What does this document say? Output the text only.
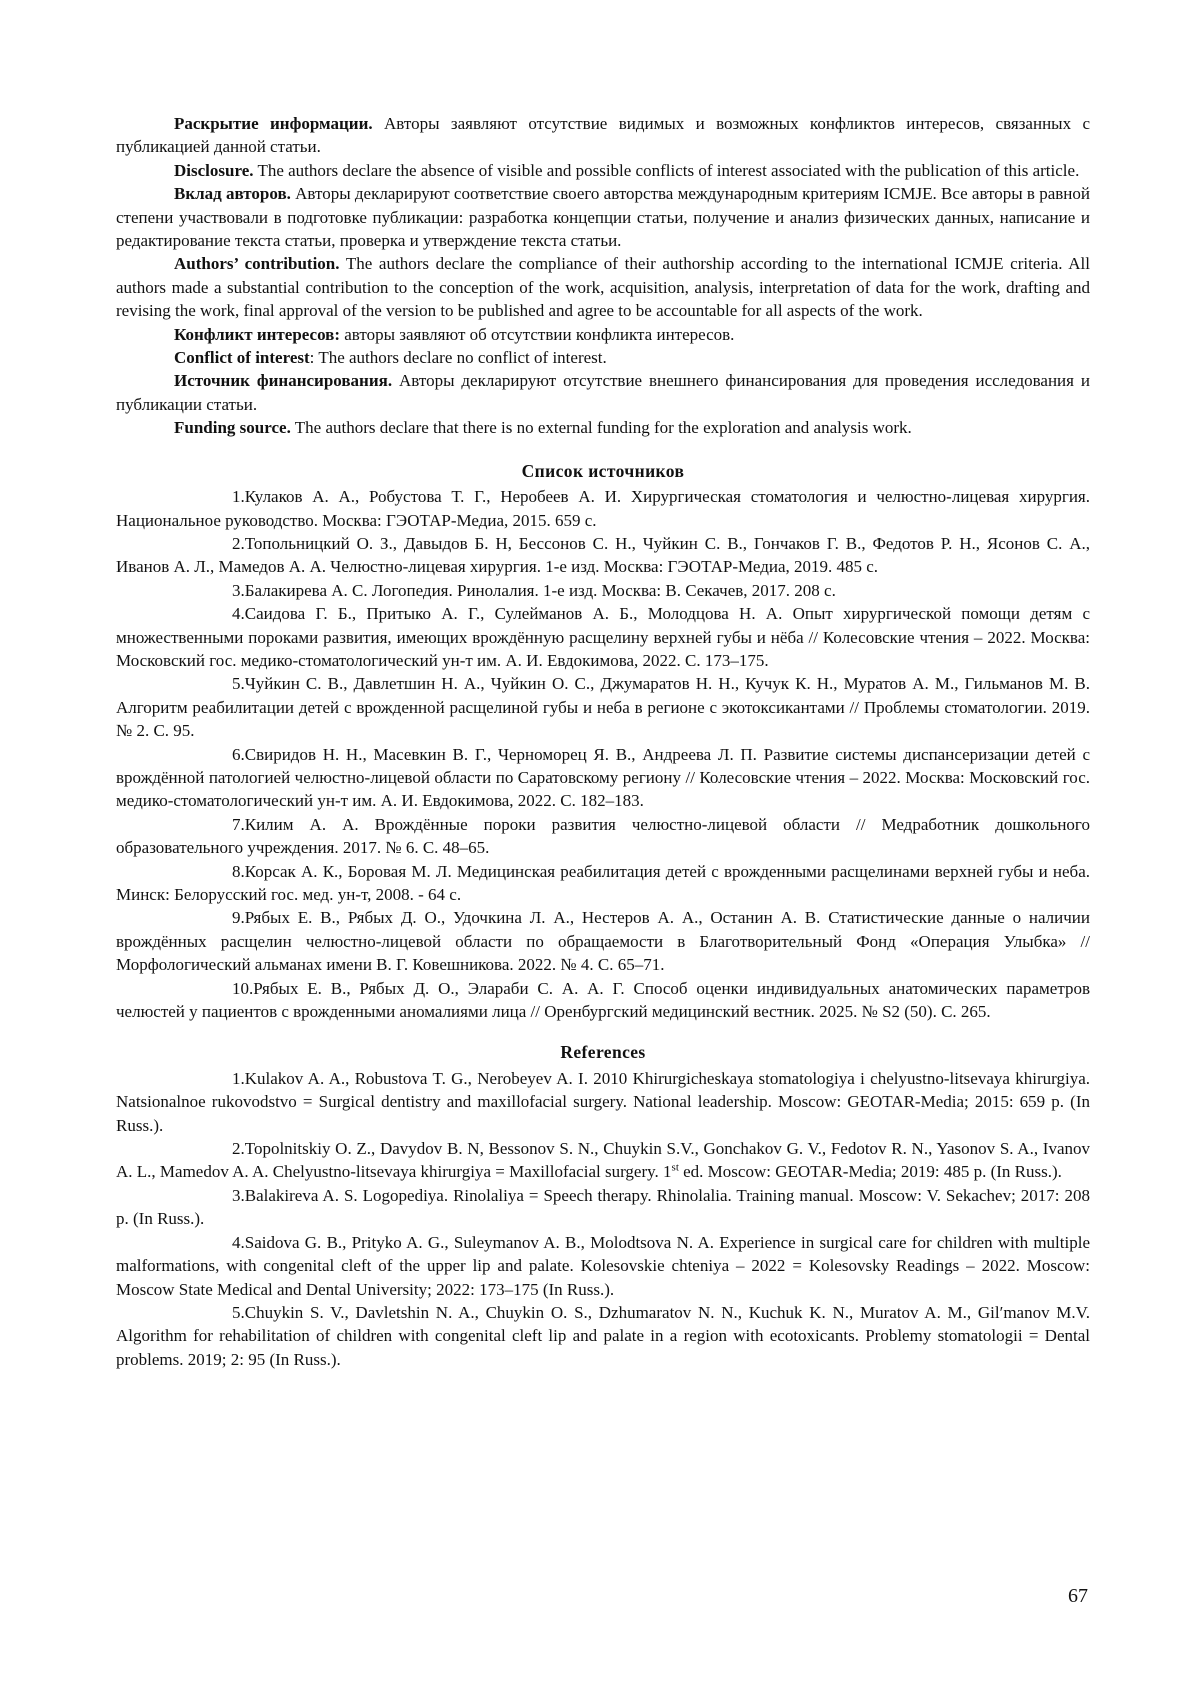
Раскрытие информации. Авторы заявляют отсутствие видимых и возможных конфликтов интересов, связанных с публикацией данной статьи.

Disclosure. The authors declare the absence of visible and possible conflicts of interest associated with the publication of this article.

Вклад авторов. Авторы декларируют соответствие своего авторства международным критериям ICMJE. Все авторы в равной степени участвовали в подготовке публикации: разработка концепции статьи, получение и анализ физических данных, написание и редактирование текста статьи, проверка и утверждение текста статьи.

Authors’ contribution. The authors declare the compliance of their authorship according to the international ICMJE criteria. All authors made a substantial contribution to the conception of the work, acquisition, analysis, interpretation of data for the work, drafting and revising the work, final approval of the version to be published and agree to be accountable for all aspects of the work.

Конфликт интересов: авторы заявляют об отсутствии конфликта интересов.

Conflict of interest: The authors declare no conflict of interest.

Источник финансирования. Авторы декларируют отсутствие внешнего финансирования для проведения исследования и публикации статьи.

Funding source. The authors declare that there is no external funding for the exploration and analysis work.

Список источников

1.Кулаков А. А., Робустова Т. Г., Неробеев А. И. Хирургическая стоматология и челюстно-лицевая хирургия. Национальное руководство. Москва: ГЭОТАР-Медиа, 2015. 659 с.

2.Топольницкий О. З., Давыдов Б. Н, Бессонов С. Н., Чуйкин С. В., Гончаков Г. В., Федотов Р. Н., Ясонов С. А., Иванов А. Л., Мамедов А. А. Челюстно-лицевая хирургия. 1-е изд. Москва: ГЭОТАР-Медиа, 2019. 485 с.

3.Балакирева А. С. Логопедия. Ринолалия. 1-е изд. Москва: В. Секачев, 2017. 208 с.

4.Саидова Г. Б., Притыко А. Г., Сулейманов А. Б., Молодцова Н. А. Опыт хирургической помощи детям с множественными пороками развития, имеющих врождённую расщелину верхней губы и нёба // Колесовские чтения – 2022. Москва: Московский гос. медико-стоматологический ун-т им. А. И. Евдокимова, 2022. С. 173–175.

5.Чуйкин С. В., Давлетшин Н. А., Чуйкин О. С., Джумаратов Н. Н., Кучук К. Н., Муратов А. М., Гильманов М. В. Алгоритм реабилитации детей с врожденной расщелиной губы и неба в регионе с экотоксикантами // Проблемы стоматологии. 2019. № 2. С. 95.

6.Свиридов Н. Н., Масевкин В. Г., Черноморец Я. В., Андреева Л. П. Развитие системы диспансеризации детей с врождённой патологией челюстно-лицевой области по Саратовскому региону // Колесовские чтения – 2022. Москва: Московский гос. медико-стоматологический ун-т им. А. И. Евдокимова, 2022. С. 182–183.

7.Килим А. А. Врождённые пороки развития челюстно-лицевой области // Медработник дошкольного образовательного учреждения. 2017. № 6. С. 48–65.

8.Корсак А. К., Боровая М. Л. Медицинская реабилитация детей с врожденными расщелинами верхней губы и неба. Минск: Белорусский гос. мед. ун-т, 2008. - 64 с.

9.Рябых Е. В., Рябых Д. О., Удочкина Л. А., Нестеров А. А., Останин А. В. Статистические данные о наличии врождённых расщелин челюстно-лицевой области по обращаемости в Благотворительный Фонд «Операция Улыбка» // Морфологический альманах имени В. Г. Ковешникова. 2022. № 4. С. 65–71.

10.Рябых Е. В., Рябых Д. О., Элараби С. А. А. Г. Способ оценки индивидуальных анатомических параметров челюстей у пациентов с врожденными аномалиями лица // Оренбургский медицинский вестник. 2025. № S2 (50). С. 265.

References

1.Kulakov A. A., Robustova T. G., Nerobeyev A. I. 2010 Khirurgicheskaya stomatologiya i chelyustno-litsevaya khirurgiya. Natsionalnoe rukovodstvo = Surgical dentistry and maxillofacial surgery. National leadership. Moscow: GEOTAR-Media; 2015: 659 p. (In Russ.).

2.Topolnitskiy O. Z., Davydov B. N, Bessonov S. N., Chuykin S.V., Gonchakov G. V., Fedotov R. N., Yasonov S. A., Ivanov A. L., Mamedov A. A. Chelyustno-litsevaya khirurgiya = Maxillofacial surgery. 1st ed. Moscow: GEOTAR-Media; 2019: 485 p. (In Russ.).

3.Balakireva A. S. Logopediya. Rinolaliya = Speech therapy. Rhinolalia. Training manual. Moscow: V. Sekachev; 2017: 208 p. (In Russ.).

4.Saidova G. B., Prityko A. G., Suleymanov A. B., Molodtsova N. A. Experience in surgical care for children with multiple malformations, with congenital cleft of the upper lip and palate. Kolesovskie chteniya – 2022 = Kolesovsky Readings – 2022. Moscow: Moscow State Medical and Dental University; 2022: 173–175 (In Russ.).

5.Chuykin S. V., Davletshin N. A., Chuykin O. S., Dzhumaratov N. N., Kuchuk K. N., Muratov A. M., Gil′manov M.V. Algorithm for rehabilitation of children with congenital cleft lip and palate in a region with ecotoxicants. Problemy stomatologii = Dental problems. 2019; 2: 95 (In Russ.).

67
